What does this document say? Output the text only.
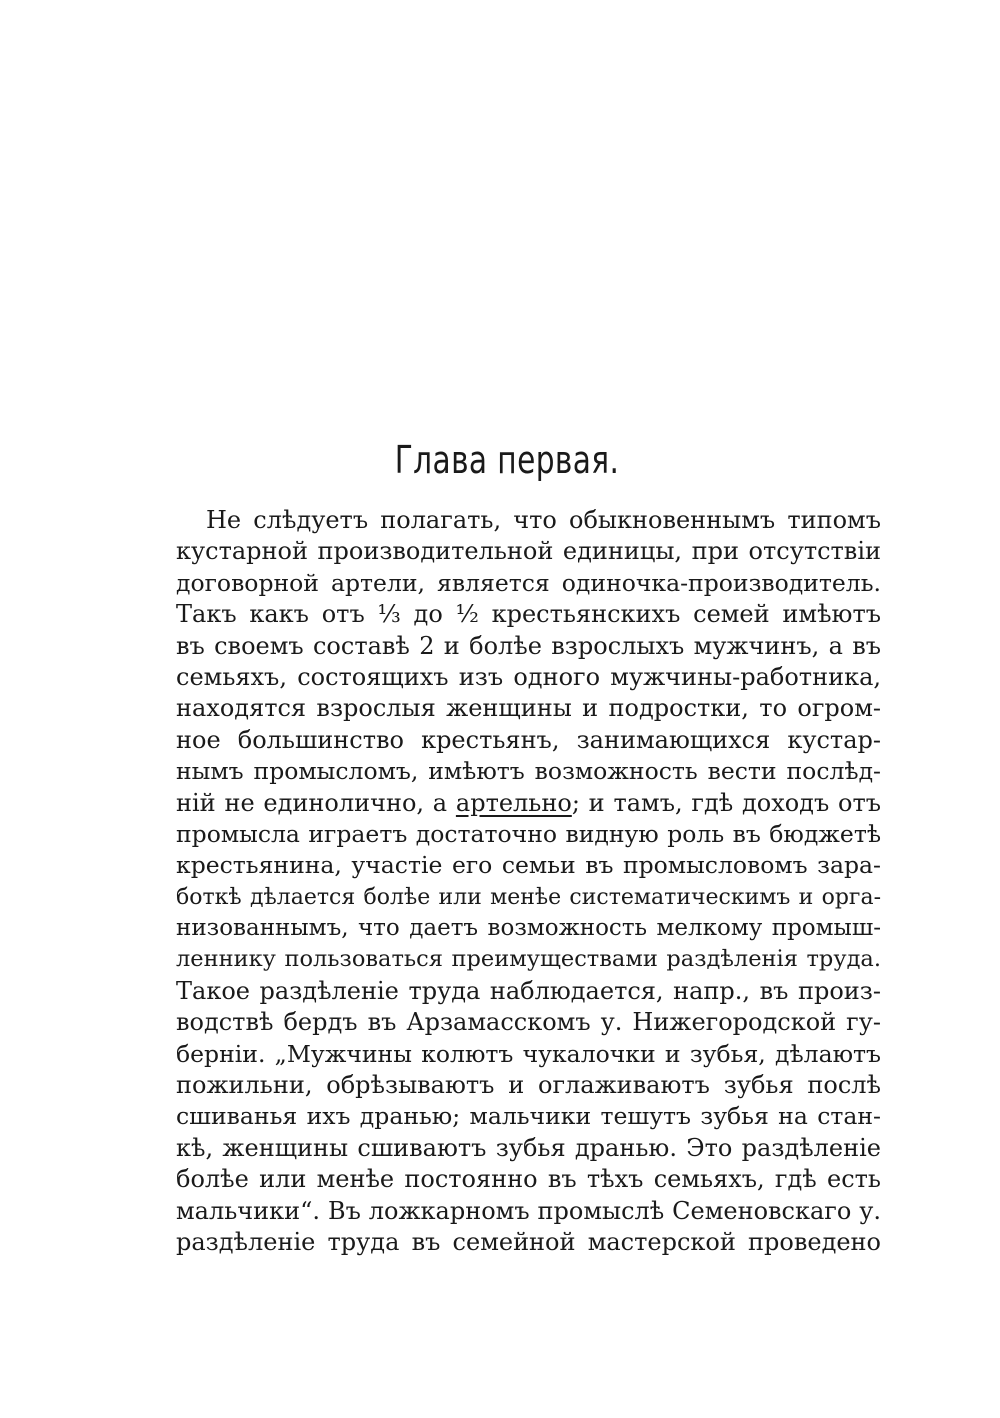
Глава первая.
Не слѣдуетъ полагать, что обыкновеннымъ типомъ
кустарной производительной единицы, при отсутствіи
договорной артели, является одиночка-производитель.
Такъ какъ отъ ⅓ до ½ крестьянскихъ семей имѣютъ
въ своемъ составѣ 2 и болѣе взрослыхъ мужчинъ, а въ
семьяхъ, состоящихъ изъ одного мужчины-работника,
находятся взрослыя женщины и подростки, то огром-
ное большинство крестьянъ, занимающихся кустар-
нымъ промысломъ, имѣютъ возможность вести послѣд-
ній не единолично, а артельно; и тамъ, гдѣ доходъ отъ
промысла играетъ достаточно видную роль въ бюджетѣ
крестьянина, участіе его семьи въ промысловомъ зара-
боткѣ дѣлается болѣе или менѣе систематическимъ и орга-
низованнымъ, что даетъ возможность мелкому промыш-
леннику пользоваться преимуществами раздѣленія труда.
Такое раздѣленіе труда наблюдается, напр., въ произ-
водствѣ бердъ въ Арзамасскомъ у. Нижегородской гу-
берніи. „Мужчины колютъ чукалочки и зубья, дѣлаютъ
пожильни, обрѣзываютъ и оглаживаютъ зубья послѣ
сшиванья ихъ дранью; мальчики тешутъ зубья на стан-
кѣ, женщины сшиваютъ зубья дранью. Это раздѣленіе
болѣе или менѣе постоянно въ тѣхъ семьяхъ, гдѣ есть
мальчики“. Въ ложкарномъ промыслѣ Семеновскаго у.
раздѣленіе труда въ семейной мастерской проведено
